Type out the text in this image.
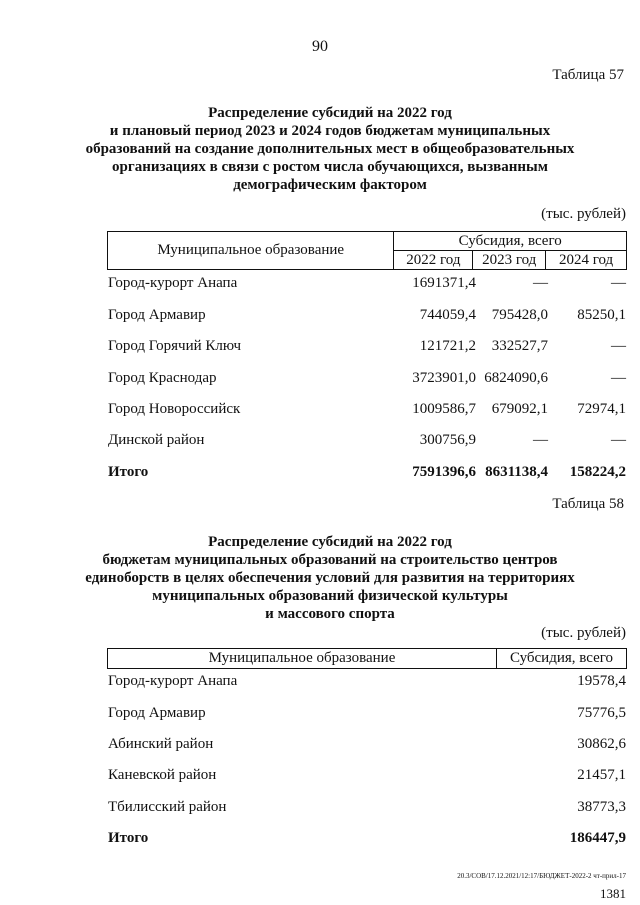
90
Таблица 57
Распределение субсидий на 2022 год
и плановый период 2023 и 2024 годов бюджетам муниципальных
образований на создание дополнительных мест в общеобразовательных
организациях в связи с ростом числа обучающихся, вызванным
демографическим фактором
(тыс. рублей)
Муниципальное образование	Субсидия, всего		
	2022 год	2023 год	2024 год
Город-курорт Анапа	1691371,4	—	—
Город Армавир	744059,4 795428,0 85250,1
Город Горячий Ключ	121721,2 332527,7	—
Город Краснодар	3723901,0 6824090,6	—
Город Новороссийск	1009586,7 679092,1 72974,1
Динской район	300756,9	—	—
Итого	7591396,6 8631138,4 158224,2
Таблица 58
Распределение субсидий на 2022 год
бюджетам муниципальных образований на строительство центров
единоборств в целях обеспечения условий для развития на территориях
муниципальных образований физической культуры
и массового спорта
(тыс. рублей)
Муниципальное образование	Субсидия, всего
Город-курорт Анапа	19578,4
Город Армавир	75776,5
Абинский район	30862,6
Каневской район	21457,1
Тбилисский район	38773,3
Итого	186447,9
20.3/СОВ/17.12.2021/12:17/БЮДЖЕТ-2022-2 чт-прил-17
1381
